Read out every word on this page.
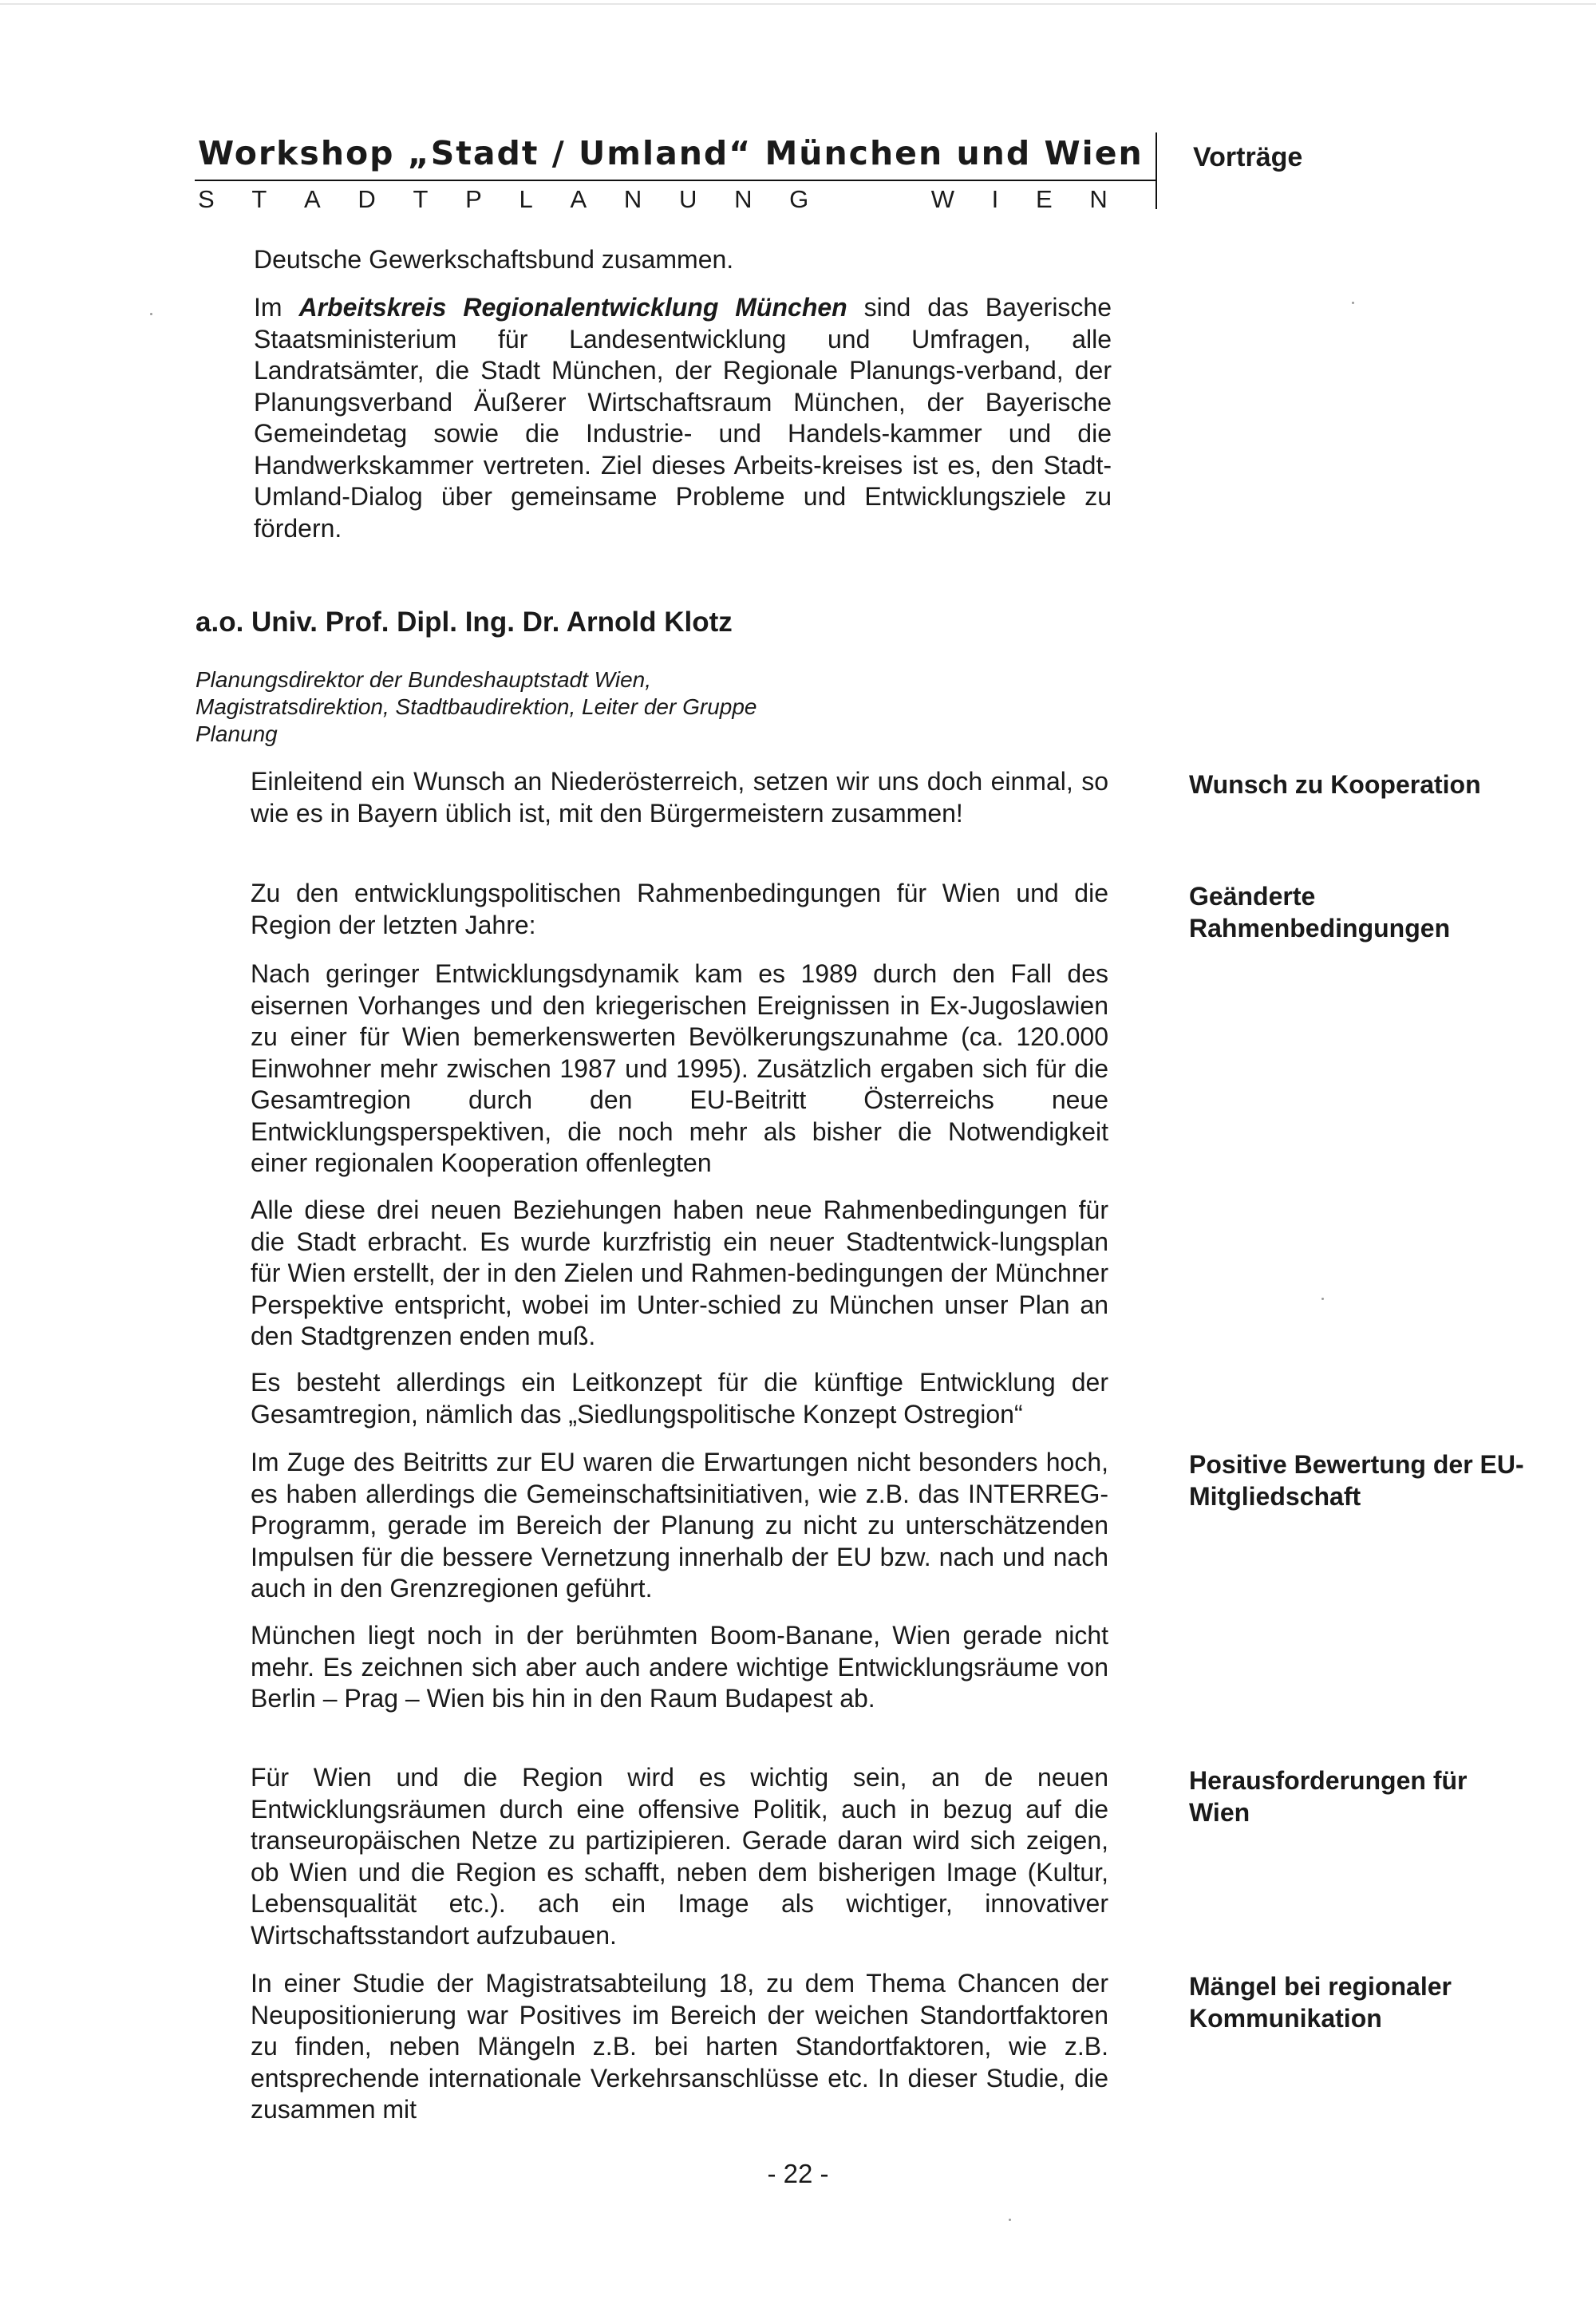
Workshop „Stadt / Umland“ München und Wien
S T A D T P L A N U N G	W I E N
Vorträge
Deutsche Gewerkschaftsbund zusammen.
Im Arbeitskreis Regionalentwicklung München sind das Bayerische Staatsministerium für Landesentwicklung und Umfragen, alle Landratsämter, die Stadt München, der Regionale Planungs-verband, der Planungsverband Äußerer Wirtschaftsraum München, der Bayerische Gemeindetag sowie die Industrie- und Handels-kammer und die Handwerkskammer vertreten. Ziel dieses Arbeits-kreises ist es, den Stadt-Umland-Dialog über gemeinsame Probleme und Entwicklungsziele zu fördern.
a.o. Univ. Prof. Dipl. Ing. Dr. Arnold Klotz
Planungsdirektor der Bundeshauptstadt Wien, Magistratsdirektion, Stadtbaudirektion, Leiter der Gruppe Planung
Einleitend ein Wunsch an Niederösterreich, setzen wir uns doch einmal, so wie es in Bayern üblich ist, mit den Bürgermeistern zusammen!
Zu den entwicklungspolitischen Rahmenbedingungen für Wien und die Region der letzten Jahre:
Nach geringer Entwicklungsdynamik kam es 1989 durch den Fall des eisernen Vorhanges und den kriegerischen Ereignissen in Ex-Jugoslawien zu einer für Wien bemerkenswerten Bevölkerungszunahme (ca. 120.000 Einwohner mehr zwischen 1987 und 1995). Zusätzlich ergaben sich für die Gesamtregion durch den EU-Beitritt Österreichs neue Entwicklungsperspektiven, die noch mehr als bisher die Notwendigkeit einer regionalen Kooperation offenlegten
Alle diese drei neuen Beziehungen haben neue Rahmenbedingungen für die Stadt erbracht. Es wurde kurzfristig ein neuer Stadtentwick-lungsplan für Wien erstellt, der in den Zielen und Rahmen-bedingungen der Münchner Perspektive entspricht, wobei im Unter-schied zu München unser Plan an den Stadtgrenzen enden muß.
Es besteht allerdings ein Leitkonzept für die künftige Entwicklung der Gesamtregion, nämlich das „Siedlungspolitische Konzept Ostregion“
Im Zuge des Beitritts zur EU waren die Erwartungen nicht besonders hoch, es haben allerdings die Gemeinschaftsinitiativen, wie z.B. das INTERREG-Programm, gerade im Bereich der Planung zu nicht zu unterschätzenden Impulsen für die bessere Vernetzung innerhalb der EU bzw. nach und nach auch in den Grenzregionen geführt.
München liegt noch in der berühmten Boom-Banane, Wien gerade nicht mehr. Es zeichnen sich aber auch andere wichtige Entwicklungsräume von Berlin – Prag – Wien bis hin in den Raum Budapest ab.
Für Wien und die Region wird es wichtig sein, an de neuen Entwicklungsräumen durch eine offensive Politik, auch in bezug auf die transeuropäischen Netze zu partizipieren. Gerade daran wird sich zeigen, ob Wien und die Region es schafft, neben dem bisherigen Image (Kultur, Lebensqualität etc.). ach ein Image als wichtiger, innovativer Wirtschaftsstandort aufzubauen.
In einer Studie der Magistratsabteilung 18, zu dem Thema Chancen der Neupositionierung war Positives im Bereich der weichen Standortfaktoren zu finden, neben Mängeln z.B. bei harten Standortfaktoren, wie z.B. entsprechende internationale Verkehrsanschlüsse etc. In dieser Studie, die zusammen mit
Wunsch zu Kooperation
Geänderte Rahmenbedingungen
Positive Bewertung der EU-Mitgliedschaft
Herausforderungen für Wien
Mängel bei regionaler Kommunikation
- 22 -
